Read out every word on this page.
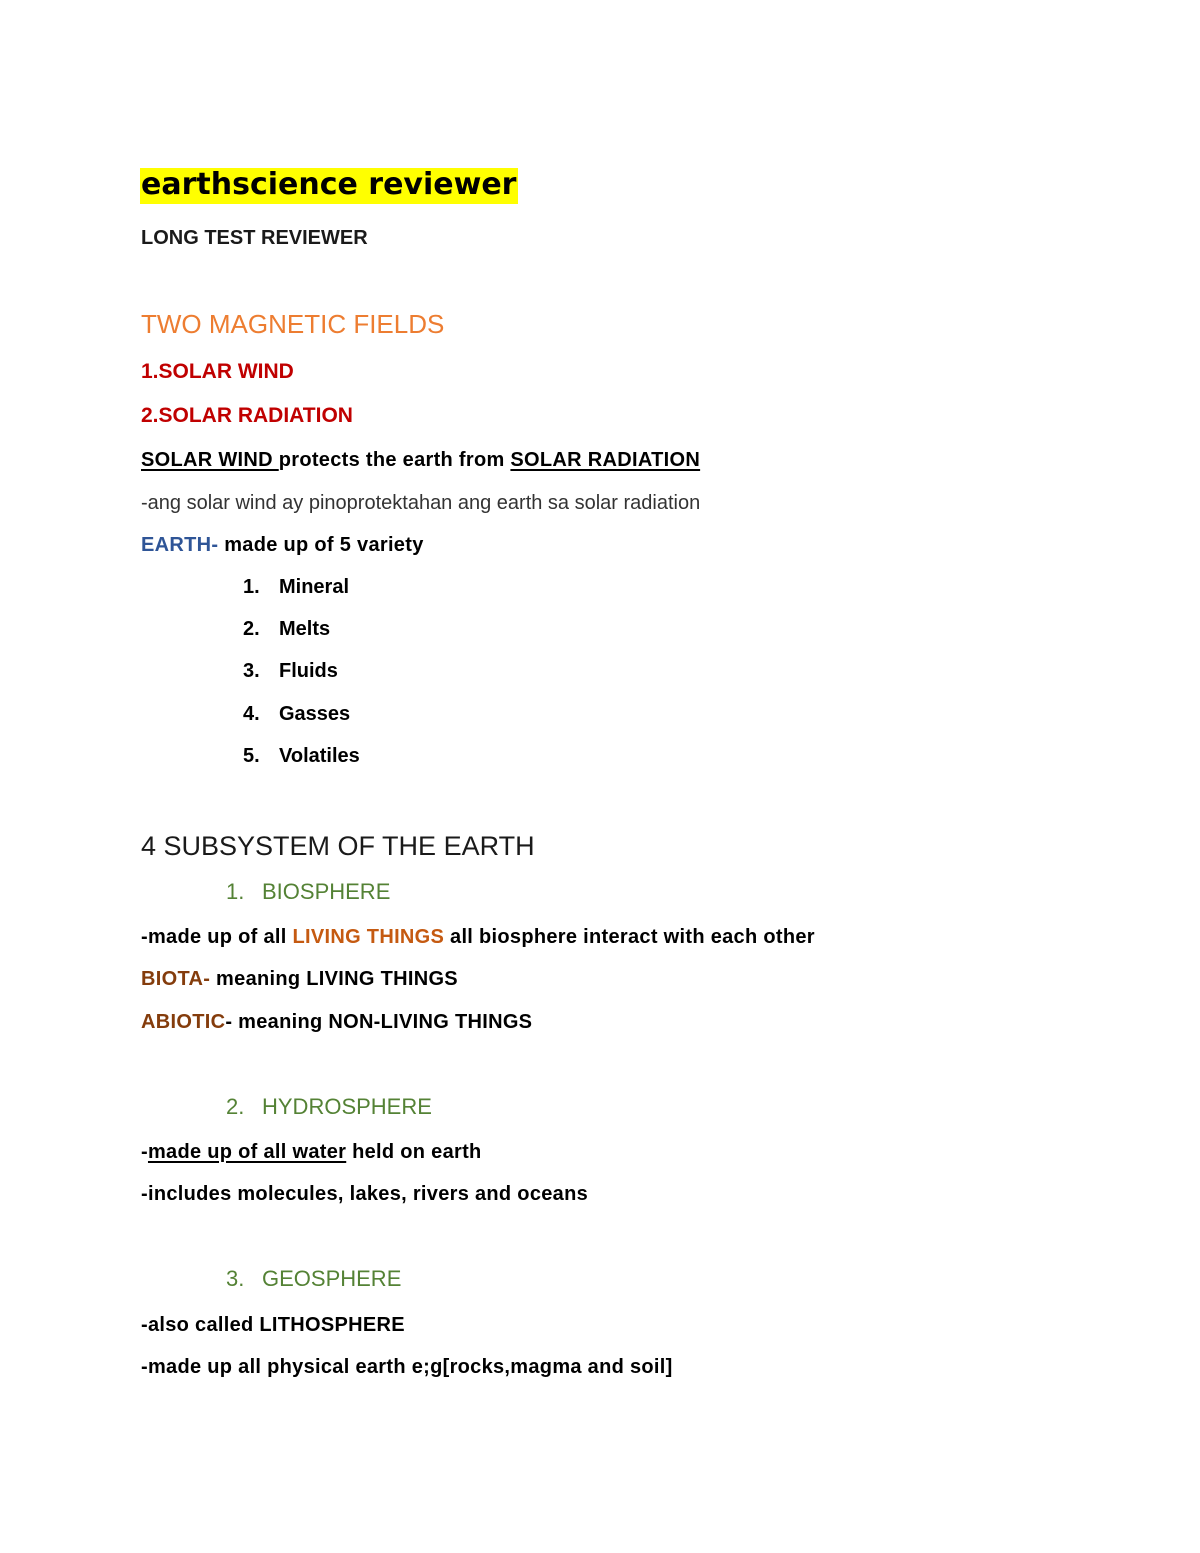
earthscience reviewer
LONG TEST REVIEWER
TWO MAGNETIC FIELDS
1.SOLAR WIND
2.SOLAR RADIATION
SOLAR WIND protects the earth from SOLAR RADIATION
-ang solar wind ay pinoprotektahan ang earth sa solar radiation
EARTH- made up of 5 variety
1. Mineral
2. Melts
3. Fluids
4. Gasses
5. Volatiles
4 SUBSYSTEM OF THE EARTH
1. BIOSPHERE
-made up of all LIVING THINGS all biosphere interact with each other
BIOTA- meaning LIVING THINGS
ABIOTIC- meaning NON-LIVING THINGS
2. HYDROSPHERE
-made up of all water held on earth
-includes molecules, lakes, rivers and oceans
3. GEOSPHERE
-also called LITHOSPHERE
-made up all physical earth e;g[rocks,magma and soil]
